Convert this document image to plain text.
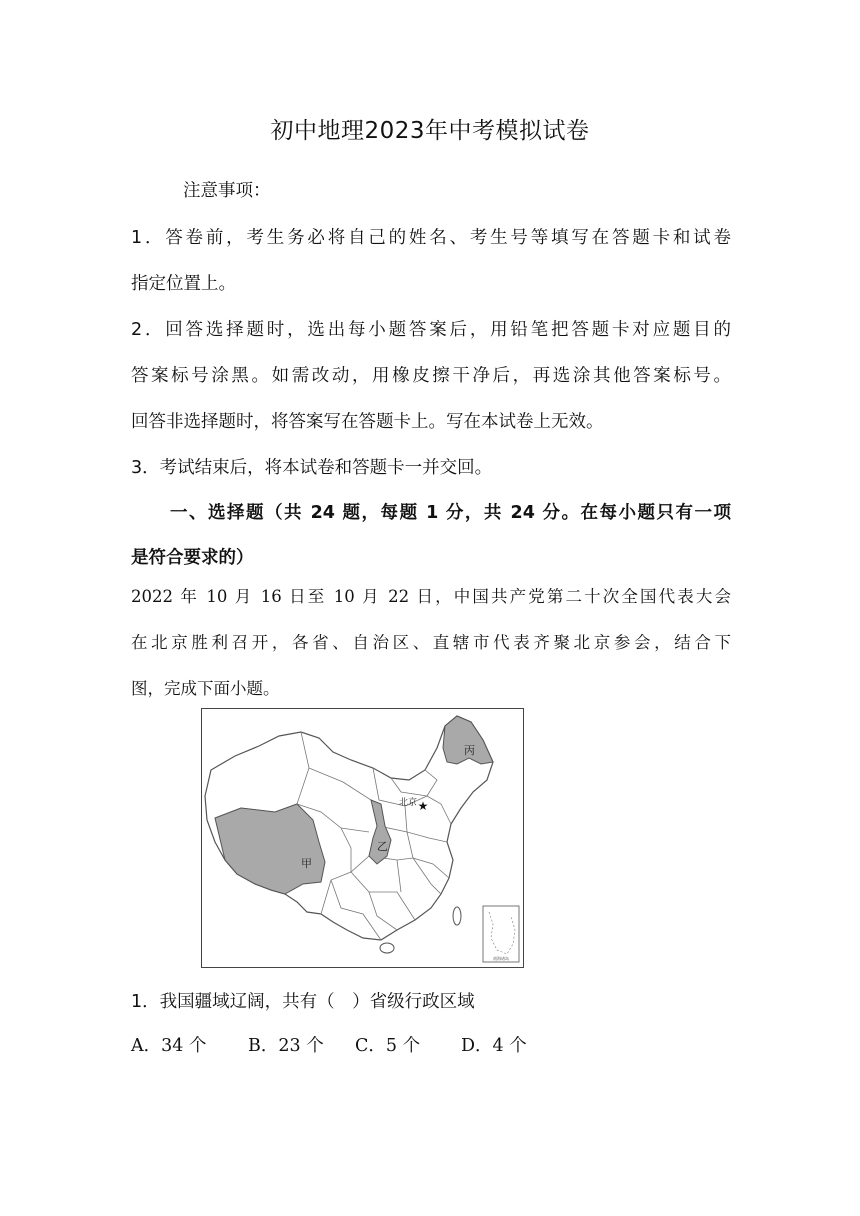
初中地理2023年中考模拟试卷
注意事项：
1．答卷前，考生务必将自己的姓名、考生号等填写在答题卡和试卷
指定位置上。
2．回答选择题时，选出每小题答案后，用铅笔把答题卡对应题目的
答案标号涂黑。如需改动，用橡皮擦干净后，再选涂其他答案标号。
回答非选择题时，将答案写在答题卡上。写在本试卷上无效。
3．考试结束后，将本试卷和答题卡一并交回。
一、选择题（共 24 题，每题 1 分，共 24 分。在每小题只有一项
是符合要求的）
2022 年 10 月 16 日至 10 月 22 日，中国共产党第二十次全国代表大会
在北京胜利召开，各省、自治区、直辖市代表齐聚北京参会，结合下
图，完成下面小题。
★
甲
乙
丙
北京
南海诸岛
1．我国疆域辽阔，共有（　）省级行政区域
A．34 个 B．23 个 C．5 个 D．4 个
